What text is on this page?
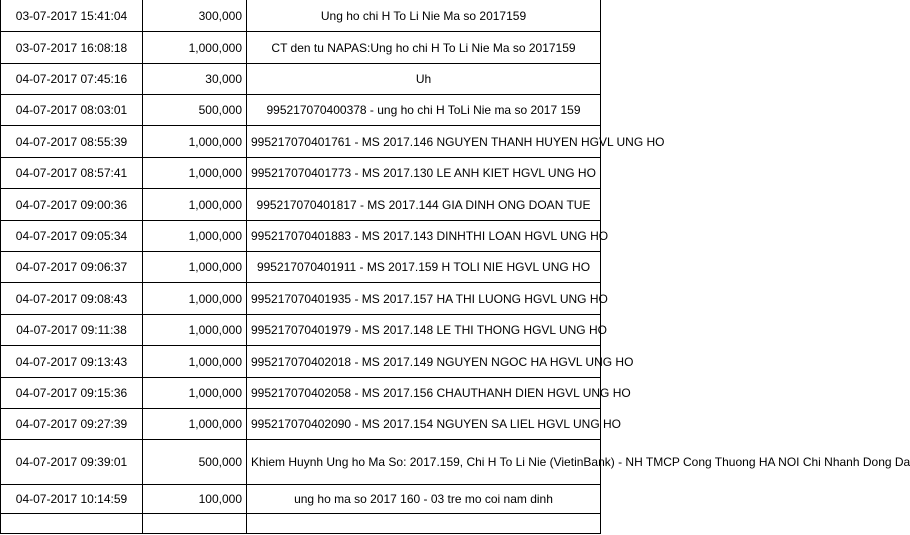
03-07-2017 15:41:04	300,000	Ung ho chi H To Li Nie Ma so 2017159
03-07-2017 16:08:18	1,000,000	CT den tu NAPAS:Ung ho chi H To Li Nie Ma so 2017159
04-07-2017 07:45:16	30,000	Uh
04-07-2017 08:03:01	500,000	995217070400378 - ung ho chi H ToLi Nie ma so 2017 159
04-07-2017 08:55:39	1,000,000	995217070401761 - MS 2017.146 NGUYEN THANH HUYEN HGVL UNG HO
04-07-2017 08:57:41	1,000,000	995217070401773 - MS 2017.130 LE ANH KIET HGVL UNG HO
04-07-2017 09:00:36	1,000,000	995217070401817 - MS 2017.144 GIA DINH ONG DOAN TUE
04-07-2017 09:05:34	1,000,000	995217070401883 - MS 2017.143 DINHTHI LOAN HGVL UNG HO
04-07-2017 09:06:37	1,000,000	995217070401911 - MS 2017.159 H TOLI NIE HGVL UNG HO
04-07-2017 09:08:43	1,000,000	995217070401935 - MS 2017.157 HA THI LUONG HGVL UNG HO
04-07-2017 09:11:38	1,000,000	995217070401979 - MS 2017.148 LE THI THONG HGVL UNG HO
04-07-2017 09:13:43	1,000,000	995217070402018 - MS 2017.149 NGUYEN NGOC HA HGVL UNG HO
04-07-2017 09:15:36	1,000,000	995217070402058 - MS 2017.156 CHAUTHANH DIEN HGVL UNG HO
04-07-2017 09:27:39	1,000,000	995217070402090 - MS 2017.154 NGUYEN SA LIEL HGVL UNG HO
04-07-2017 09:39:01	500,000	Khiem Huynh Ung ho Ma So: 2017.159, Chi H To Li Nie (VietinBank) - NH TMCP Cong Thuong HA NOI Chi Nhanh Dong Da
04-07-2017 10:14:59	100,000	ung ho ma so 2017 160 - 03 tre mo coi nam dinh
